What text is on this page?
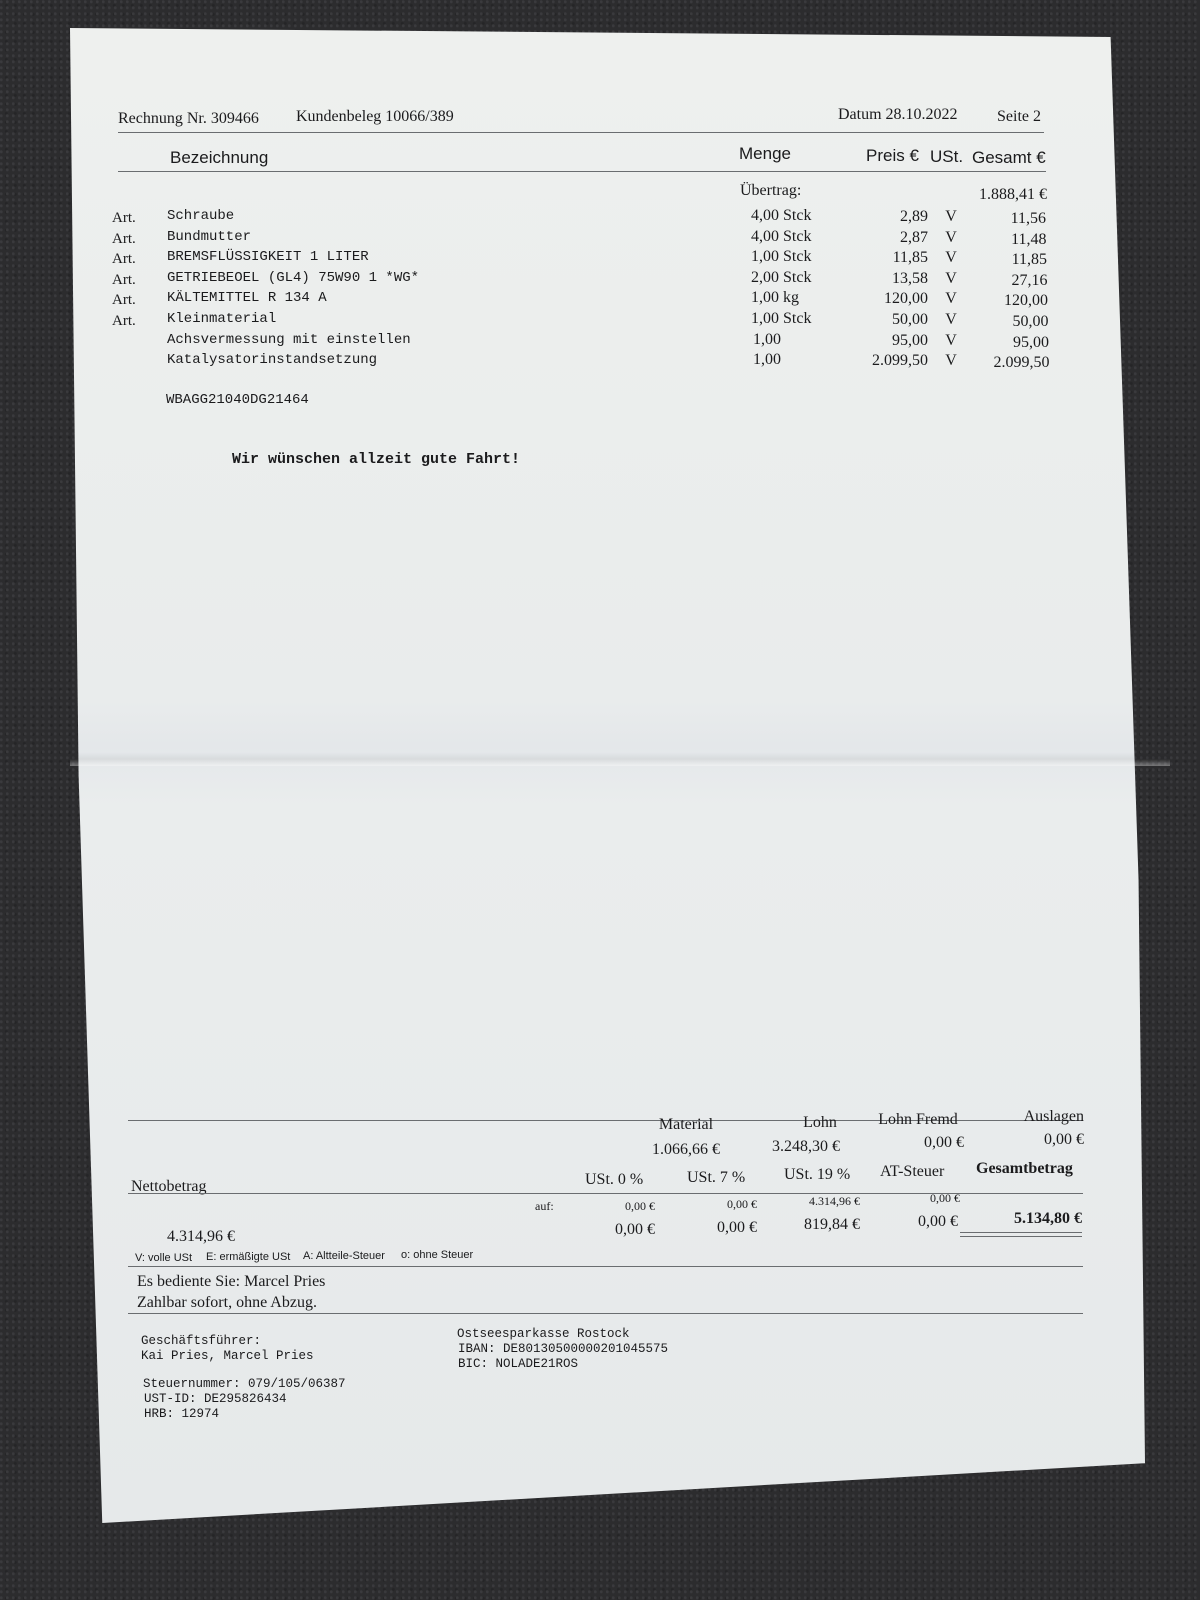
Rechnung Nr. 309466 Kundenbeleg 10066/389	Datum 28.10.2022 Seite 2
Bezeichnung	Menge	Preis € USt. Gesamt €
Übertrag:	1.888,41 €
Art. Schraube	4,00 Stck	2,89	V	11,56
Art. Bundmutter	4,00 Stck	2,87	V	11,48
Art. BREMSFLÜSSIGKEIT 1 LITER	1,00 Stck	11,85	V	11,85
Art. GETRIEBEOEL (GL4) 75W90 1 *WG*	2,00 Stck	13,58	V	27,16
Art. KÄLTEMITTEL R 134 A	1,00 kg	120,00	V	120,00
Art. Kleinmaterial	1,00 Stck	50,00	V	50,00
Achsvermessung mit einstellen	1,00	95,00	V	95,00
Katalysatorinstandsetzung	1,00	2.099,50	V	2.099,50
WBAGG21040DG21464
Wir wünschen allzeit gute Fahrt!
Material	Lohn	Lohn Fremd	Auslagen
1.066,66 €	3.248,30 €	0,00 €	0,00 €
Nettobetrag	USt. 0 %	USt. 7 % USt. 19 % AT-Steuer Gesamtbetrag
auf:	0,00 €	0,00 €	4.314,96 €	0,00 €
4.314,96 €	0,00 €	0,00 €	819,84 €	0,00 €	5.134,80 €
V: volle USt E: ermäßigte USt A: Altteile-Steuer o: ohne Steuer
Es bediente Sie: Marcel Pries
Zahlbar sofort, ohne Abzug.
Geschäftsführer:
Kai Pries, Marcel Pries
Steuernummer: 079/105/06387
UST-ID: DE295826434
HRB: 12974
Ostseesparkasse Rostock
IBAN: DE80130500000201045575
BIC: NOLADE21ROS
